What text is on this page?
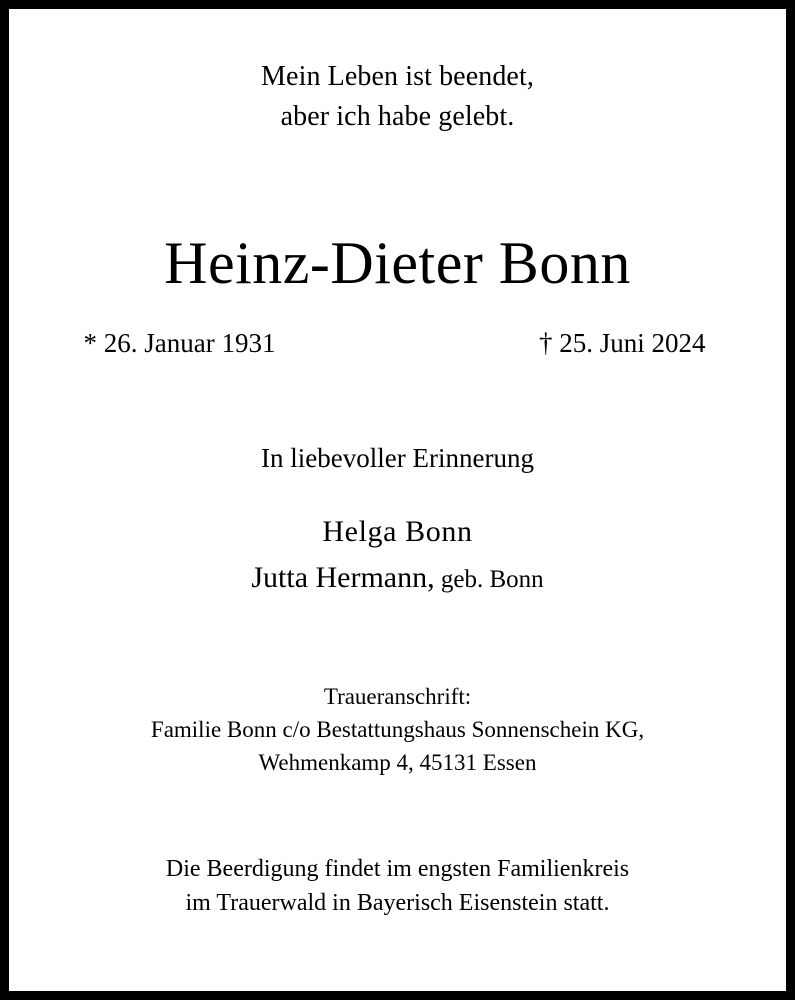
Mein Leben ist beendet,
aber ich habe gelebt.
Heinz-Dieter Bonn
* 26. Januar 1931	† 25. Juni 2024
In liebevoller Erinnerung
Helga Bonn
Jutta Hermann, geb. Bonn
Traueranschrift:
Familie Bonn c/o Bestattungshaus Sonnenschein KG,
Wehmenkamp 4, 45131 Essen
Die Beerdigung findet im engsten Familienkreis
im Trauerwald in Bayerisch Eisenstein statt.
